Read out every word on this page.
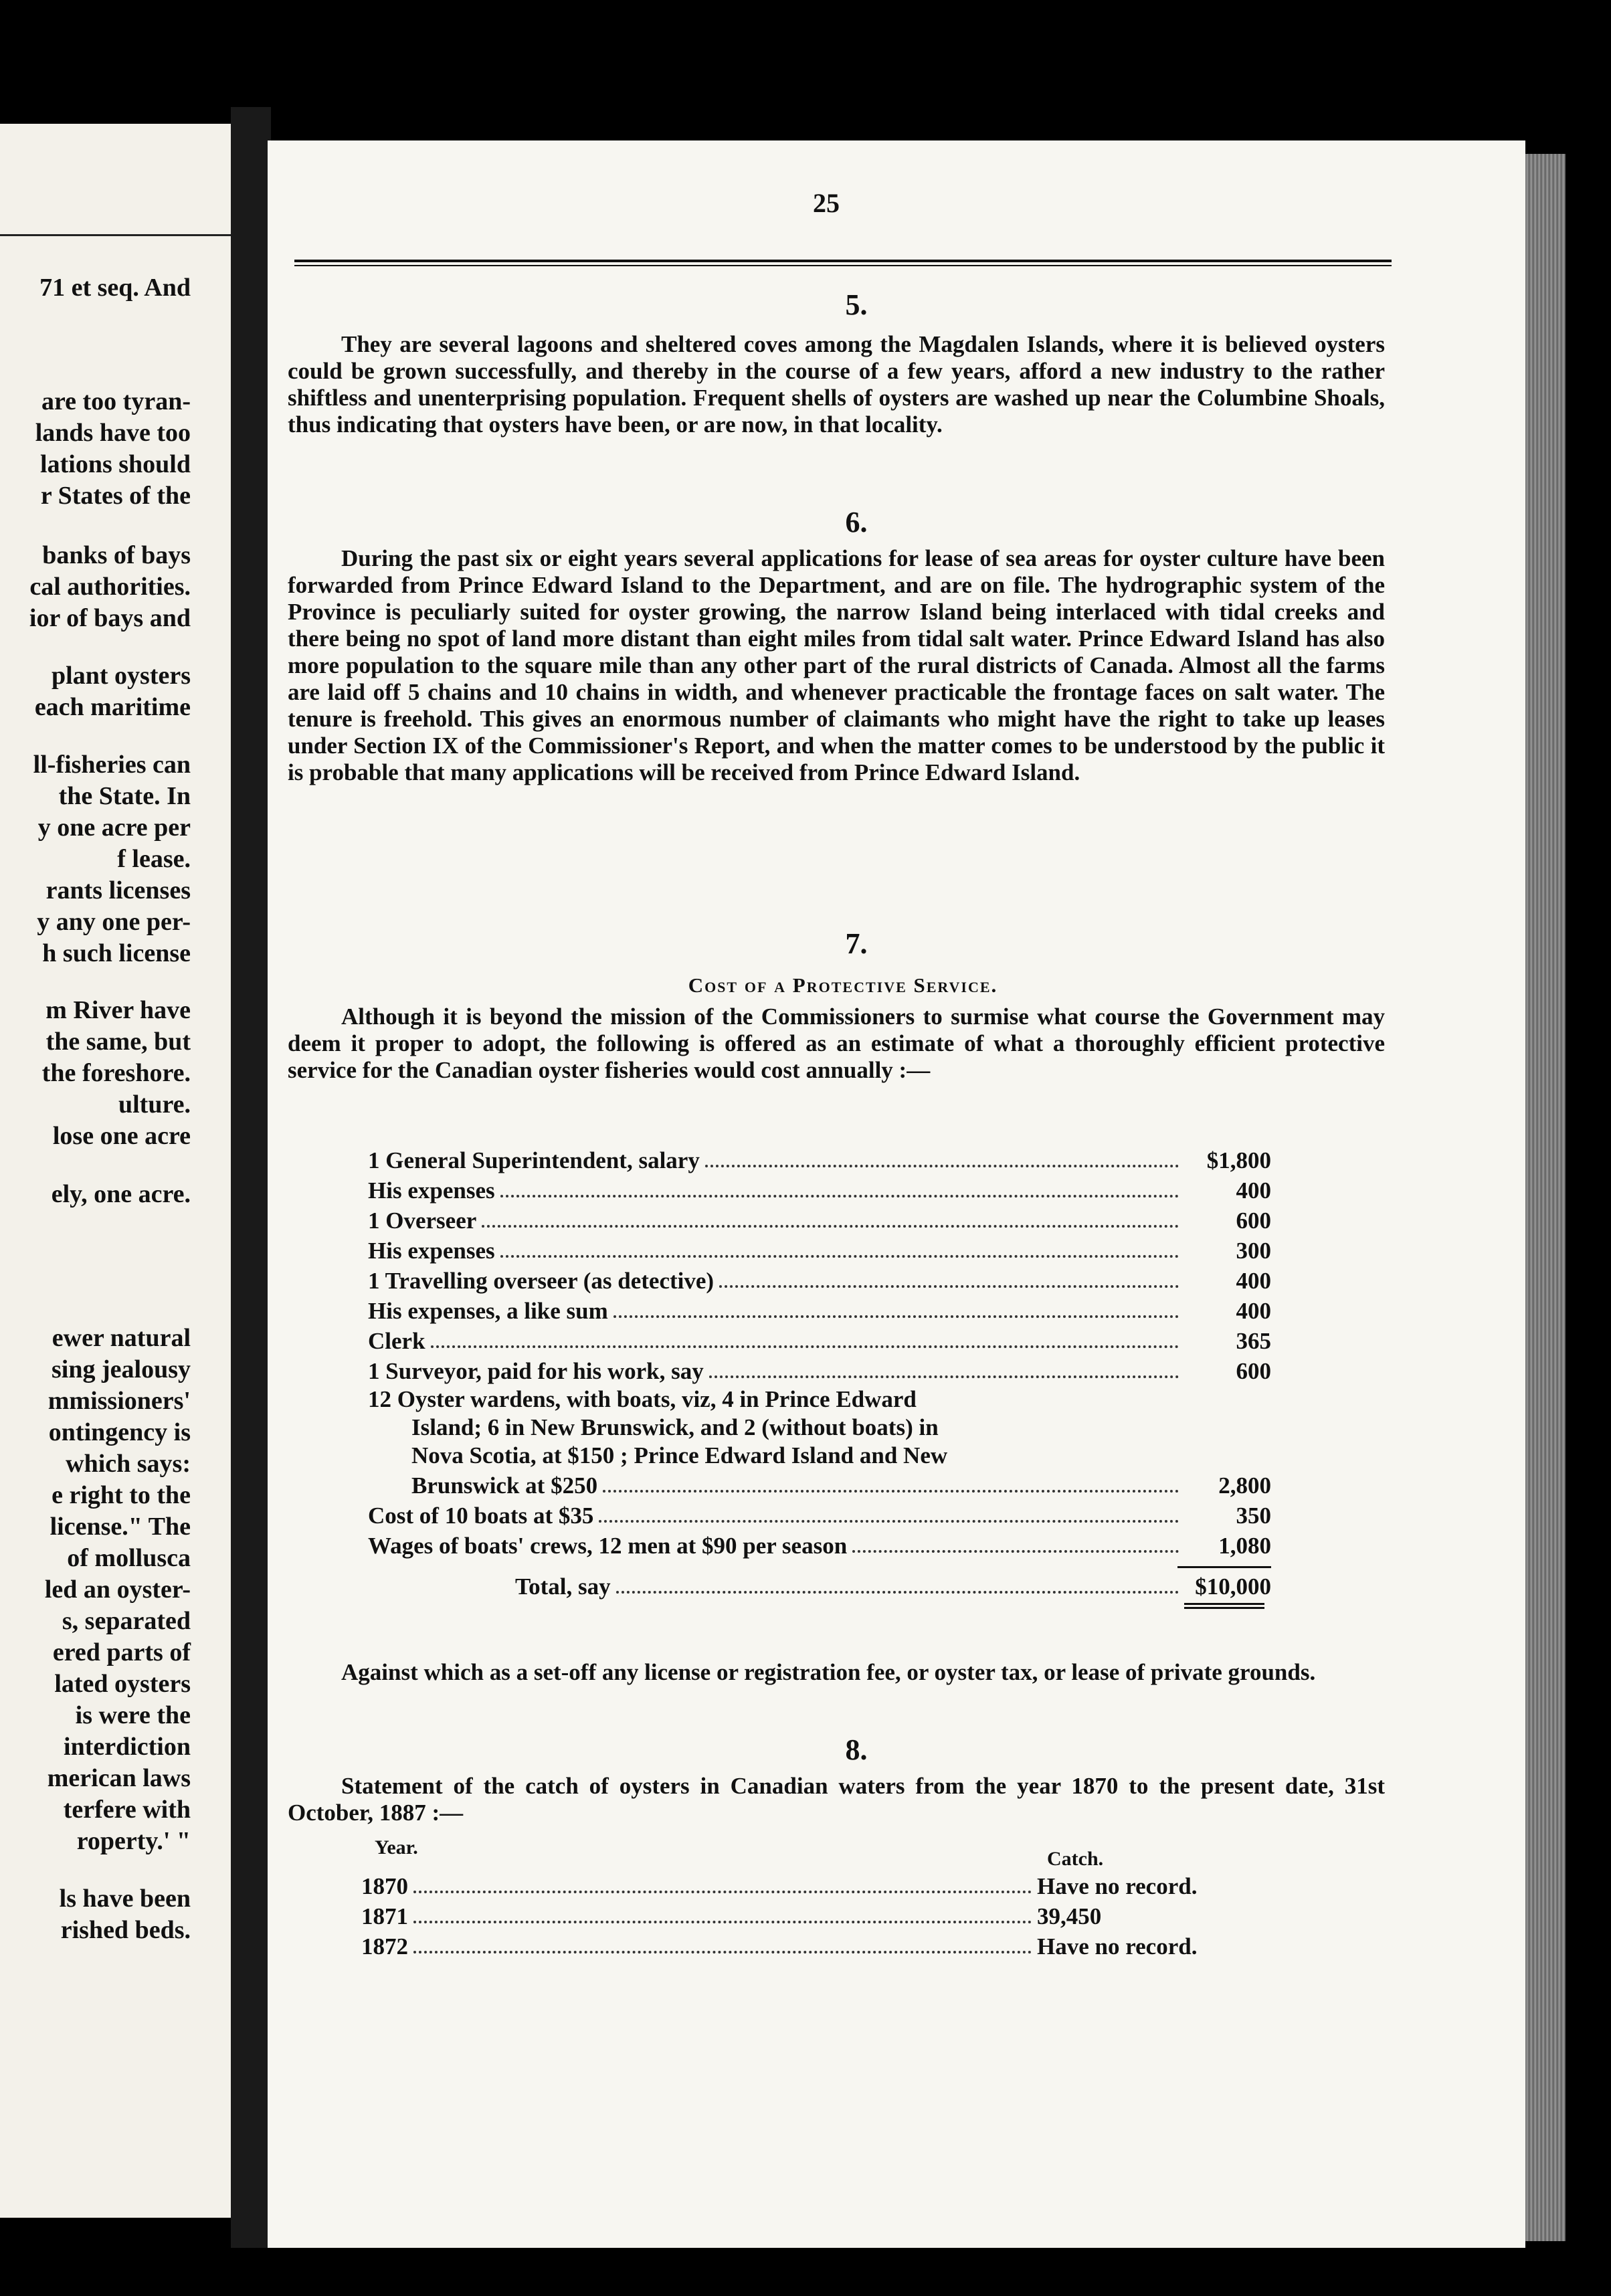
71 et seq. And
are too tyran-
lands have too
lations should
r States of the
banks of bays
cal authorities.
ior of bays and
plant oysters
each maritime
ll-fisheries can
the State. In
y one acre per
f lease.
rants licenses
y any one per-
h such license
m River have
the same, but
the foreshore.
ulture.
lose one acre
ely, one acre.
ewer natural
sing jealousy
mmissioners'
ontingency is
which says:
e right to the
license." The
of mollusca
led an oyster-
s, separated
ered parts of
lated oysters
is were the
interdiction
merican laws
terfere with
roperty.' "
ls have been
rished beds.
25
5.
They are several lagoons and sheltered coves among the Magdalen Islands, where it is believed oysters could be grown successfully, and thereby in the course of a few years, afford a new industry to the rather shiftless and unenterprising population. Frequent shells of oysters are washed up near the Columbine Shoals, thus indicating that oysters have been, or are now, in that locality.
6.
During the past six or eight years several applications for lease of sea areas for oyster culture have been forwarded from Prince Edward Island to the Department, and are on file. The hydrographic system of the Province is peculiarly suited for oyster growing, the narrow Island being interlaced with tidal creeks and there being no spot of land more distant than eight miles from tidal salt water. Prince Edward Island has also more population to the square mile than any other part of the rural districts of Canada. Almost all the farms are laid off 5 chains and 10 chains in width, and whenever practicable the frontage faces on salt water. The tenure is freehold. This gives an enormous number of claimants who might have the right to take up leases under Section IX of the Commissioner's Report, and when the matter comes to be understood by the public it is probable that many applications will be received from Prince Edward Island.
7.
Cost of a Protective Service.
Although it is beyond the mission of the Commissioners to surmise what course the Government may deem it proper to adopt, the following is offered as an estimate of what a thoroughly efficient protective service for the Canadian oyster fisheries would cost annually :—
1 General Superintendent, salary	$1,800
His expenses	400
1 Overseer	600
His expenses	300
1 Travelling overseer (as detective)	400
His expenses, a like sum	400
Clerk	365
1 Surveyor, paid for his work, say	600
12 Oyster wardens, with boats, viz, 4 in Prince Edward
Island; 6 in New Brunswick, and 2 (without boats) in
Nova Scotia, at $150 ; Prince Edward Island and New
Brunswick at $250	2,800
Cost of 10 boats at $35	350
Wages of boats' crews, 12 men at $90 per season	1,080
Total, say	$10,000
Against which as a set-off any license or registration fee, or oyster tax, or lease of private grounds.
8.
Statement of the catch of oysters in Canadian waters from the year 1870 to the present date, 31st October, 1887 :—
Year.
Catch.
1870	Have no record.
1871	39,450
1872	Have no record.
